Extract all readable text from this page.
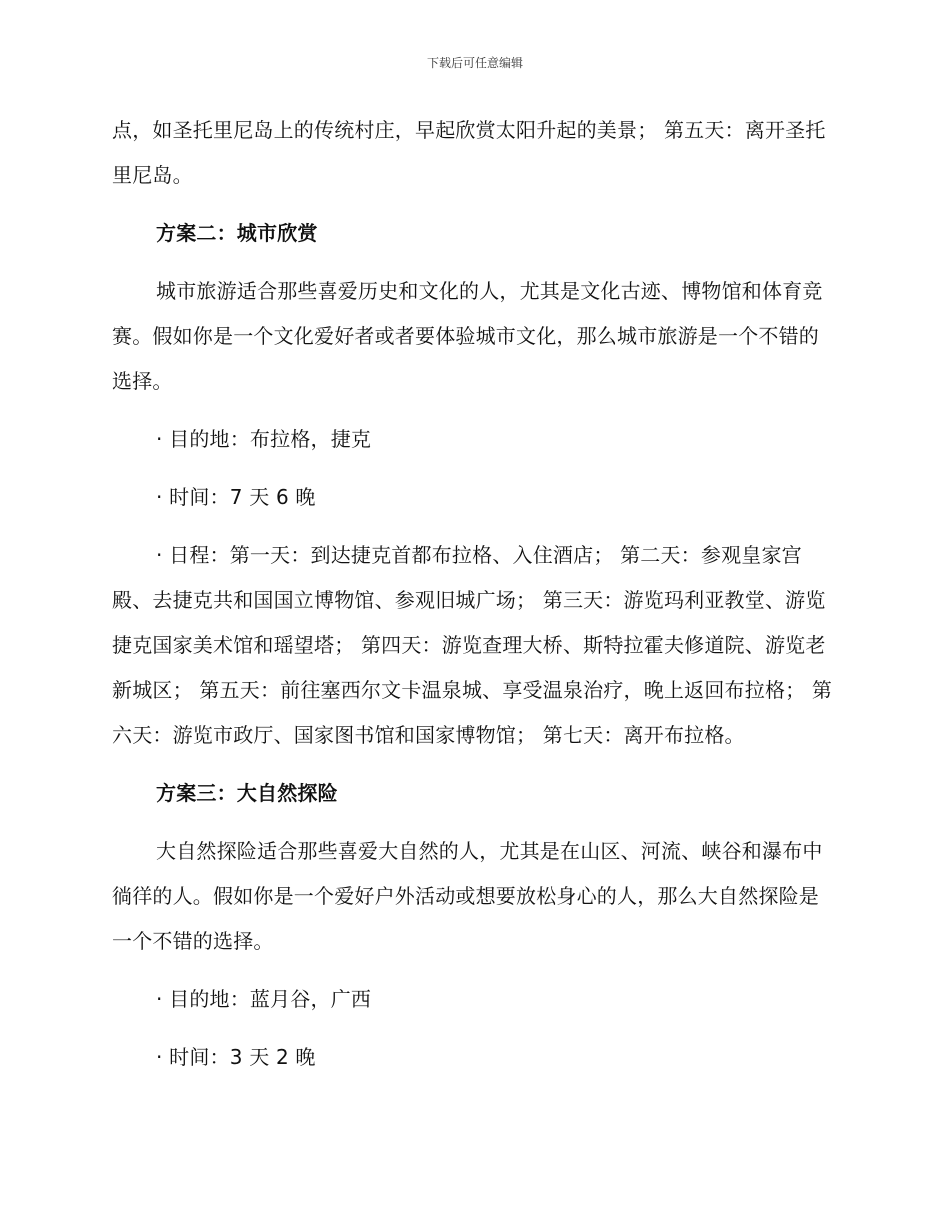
下载后可任意编辑

点，如圣托里尼岛上的传统村庄，早起欣赏太阳升起的美景； 第五天：离开圣托里尼岛。

方案二：城市欣赏

城市旅游适合那些喜爱历史和文化的人，尤其是文化古迹、博物馆和体育竞赛。假如你是一个文化爱好者或者要体验城市文化，那么城市旅游是一个不错的选择。

· 目的地：布拉格，捷克

· 时间：7 天 6 晚

· 日程：第一天：到达捷克首都布拉格、入住酒店； 第二天：参观皇家宫殿、去捷克共和国国立博物馆、参观旧城广场； 第三天：游览玛利亚教堂、游览捷克国家美术馆和瑶望塔； 第四天：游览查理大桥、斯特拉霍夫修道院、游览老新城区； 第五天：前往塞西尔文卡温泉城、享受温泉治疗，晚上返回布拉格； 第六天：游览市政厅、国家图书馆和国家博物馆； 第七天：离开布拉格。

方案三：大自然探险

大自然探险适合那些喜爱大自然的人，尤其是在山区、河流、峡谷和瀑布中徜徉的人。假如你是一个爱好户外活动或想要放松身心的人，那么大自然探险是一个不错的选择。

· 目的地：蓝月谷，广西

· 时间：3 天 2 晚
